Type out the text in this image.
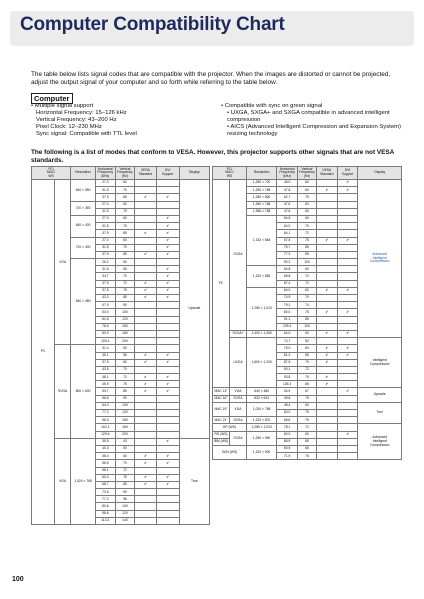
Computer Compatibility Chart

The table below lists signal codes that are compatible with the projector. When the images are distorted or cannot be projected, adjust the output signal of your computer and so forth while referring to the table below.

Computer
• Multiple signal support
Horizontal Frequency: 15–126 kHz
Vertical Frequency: 43–200 Hz
Pixel Clock: 12–230 MHz
Sync signal: Compatible with TTL level
• Compatible with sync on green signal
• UXGA, SXGA+ and SXGA compatible in advanced intelligent compression
• AICS (Advanced Intelligent Compression and Expansion System) resizing technology
The following is a list of modes that conform to VESA. However, this projector supports other signals that are not VESA standards.
PC/
MAC/
WS		Resolution	Horizontal
Frequency
(kHz)	Vertical
Frequency
(Hz)	VESA
Standard	DVI
Support	Display
PC	VGA	640 × 350	27.0	60			Upscale
			31.5	70			
			37.9	85	✔	✔	
		720 × 350	27.0	60			
			31.5	70			
		640 × 400	27.0	60		✔	
			31.5	70		✔	
			37.9	85	✔	✔	
		720 × 400	27.0	60		✔	
			31.5	70		✔	
			37.9	85	✔	✔	
		640 × 480	26.2	50			
			31.5	60		✔	
			34.7	70		✔	
			37.9	72	✔	✔	
			37.5	75	✔	✔	
			43.3	85	✔	✔	
			47.9	90			
			53.0	100			
			61.6	120			
			78.5	150			
			80.9	160			
			100.4	200			
	SVGA	800 × 600	31.4	50			
			35.1	56	✔	✔	
			37.9	60	✔	✔	
			43.5	70			
			48.1	72	✔	✔	
			46.9	75	✔	✔	
			53.7	85	✔	✔	
			56.6	90			
			64.0	100			
			77.2	120			
			96.3	150			
			102.1	160			
			129.6	200			
	XGA	1,024 × 768	35.5	43		✔	True
			40.3	50			
			48.4	60	✔	✔	
			56.5	70	✔	✔	
			58.1	72			
			60.0	75	✔	✔	
			68.7	85	✔	✔	
			73.5	90			
			77.2	96			
			80.6	100			
			98.6	120			
			113.2	140			
PC/
MAC/
WS		Resolution	Horizontal
Frequency
(kHz)	Vertical
Frequency
(Hz)	VESA
Standard	DVI
Support	Display
PC	SXGA	1,280 × 720	45.0	60		✔	Advanced
Intelligent
Compression
		1,280 × 768	47.8	60	✔	✔	
		1,280 × 800	62.7	75			
		1,360 × 768	47.6	60			
		1,366 × 768	47.6	60			
		1,152 × 864	54.5	60			
			64.0	70			
			64.1	72			
			67.5	75	✔	✔	
			75.7	85			
			77.3	85			
			90.2	100			
		1,152 × 882	54.8	60			
			65.8	72			
			67.4	72			
		1,280 × 1,024	64.0	60	✔	✔	
			74.9	70			
			79.1	74			
			80.0	75	✔	✔	
			91.1	85			
			109.4	100			
	SXGA+	1,400 × 1,050	64.0	60	✔	✔	
	UXGA	1,600 × 1,200	74.7	52			Intelligent
Compression
			75.0	60	✔	✔	
			81.3	65	✔	✔	
			87.5	70	✔		
			90.1	72			
			93.8	75	✔		
			106.3	85	✔		
MAC 13"	VGA	640 × 480	34.9	67		✔	Upscale
MAC 16"	SVGA	832 × 624	49.8	75			
MAC 19"	XGA	1,024 × 768	48.4	60			True
			60.0	75			
MAC 21"	SXGA	1,152 × 870	68.6	75			
HP (WS)		1,280 × 1,024	78.1	72			Advanced
Intelligent
Compression
RS (WS)	SXGA	1,280 × 960	60.0	60		✔	
IBM (WS)			85.9	85			
SUN (WS)		1,152 × 900	60.9	66			
			71.9	76			
100
